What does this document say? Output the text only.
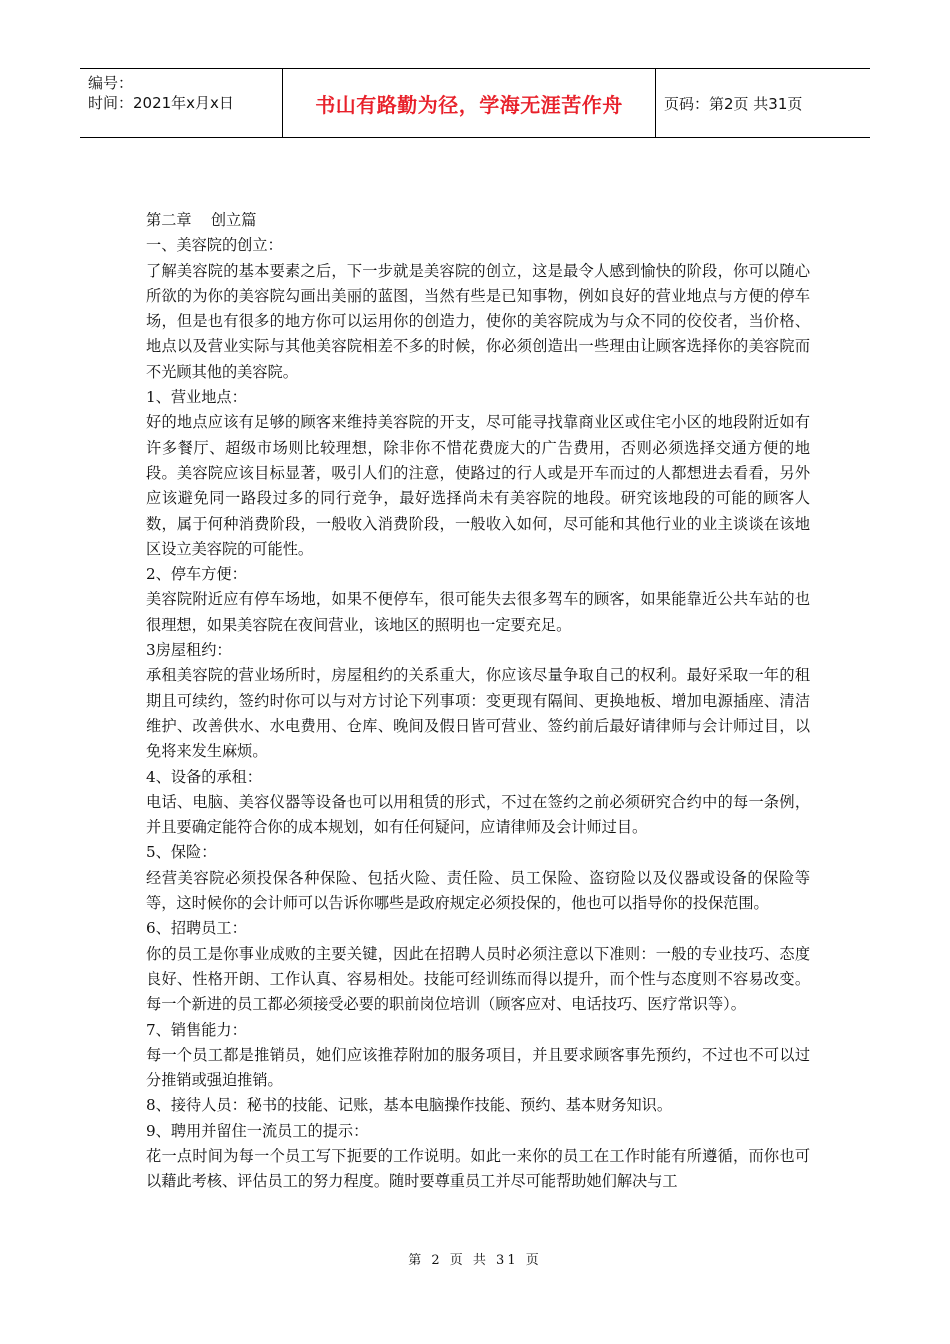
编号：
时间：2021年x月x日	书山有路勤为径，学海无涯苦作舟	页码：第2页 共31页

第二章    创立篇

一、美容院的创立：

了解美容院的基本要素之后，下一步就是美容院的创立，这是最令人感到愉快的阶段，你可以随心所欲的为你的美容院勾画出美丽的蓝图，当然有些是已知事物，例如良好的营业地点与方便的停车场，但是也有很多的地方你可以运用你的创造力，使你的美容院成为与众不同的佼佼者，当价格、地点以及营业实际与其他美容院相差不多的时候，你必须创造出一些理由让顾客选择你的美容院而不光顾其他的美容院。

1、营业地点：

好的地点应该有足够的顾客来维持美容院的开支，尽可能寻找靠商业区或住宅小区的地段附近如有许多餐厅、超级市场则比较理想，除非你不惜花费庞大的广告费用，否则必须选择交通方便的地段。美容院应该目标显著，吸引人们的注意，使路过的行人或是开车而过的人都想进去看看，另外应该避免同一路段过多的同行竞争，最好选择尚未有美容院的地段。研究该地段的可能的顾客人数，属于何种消费阶段，一般收入消费阶段，一般收入如何，尽可能和其他行业的业主谈谈在该地区设立美容院的可能性。

2、停车方便：

美容院附近应有停车场地，如果不便停车，很可能失去很多驾车的顾客，如果能靠近公共车站的也很理想，如果美容院在夜间营业，该地区的照明也一定要充足。

3房屋租约：

承租美容院的营业场所时，房屋租约的关系重大，你应该尽量争取自己的权利。最好采取一年的租期且可续约，签约时你可以与对方讨论下列事项：变更现有隔间、更换地板、增加电源插座、清洁维护、改善供水、水电费用、仓库、晚间及假日皆可营业、签约前后最好请律师与会计师过目，以免将来发生麻烦。

4、设备的承租：

电话、电脑、美容仪器等设备也可以用租赁的形式，不过在签约之前必须研究合约中的每一条例，并且要确定能符合你的成本规划，如有任何疑问，应请律师及会计师过目。

5、保险：

经营美容院必须投保各种保险、包括火险、责任险、员工保险、盗窃险以及仪器或设备的保险等等，这时候你的会计师可以告诉你哪些是政府规定必须投保的，他也可以指导你的投保范围。

6、招聘员工：

你的员工是你事业成败的主要关键，因此在招聘人员时必须注意以下准则：一般的专业技巧、态度良好、性格开朗、工作认真、容易相处。技能可经训练而得以提升，而个性与态度则不容易改变。每一个新进的员工都必须接受必要的职前岗位培训（顾客应对、电话技巧、医疗常识等）。

7、销售能力：

每一个员工都是推销员，她们应该推荐附加的服务项目，并且要求顾客事先预约，不过也不可以过分推销或强迫推销。

8、接待人员：秘书的技能、记账，基本电脑操作技能、预约、基本财务知识。

9、聘用并留住一流员工的提示：

花一点时间为每一个员工写下扼要的工作说明。如此一来你的员工在工作时能有所遵循，而你也可以藉此考核、评估员工的努力程度。随时要尊重员工并尽可能帮助她们解决与工

第 2 页 共 31 页
